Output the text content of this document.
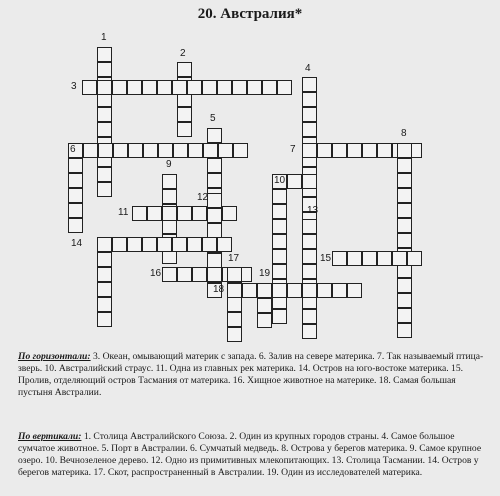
20. Австралия*
1
2
3
4
5
6	7
8
9
10
11
12
13
14
15
16
17
18
19
По горизонтали: 3. Океан, омывающий материк с запада. 6. Залив на севере материка. 7. Так называемый птица-зверь. 10. Австралийский страус. 11. Одна из главных рек материка. 14. Остров на юго-востоке материка. 15. Пролив, отделяющий остров Тасмания от материка. 16. Хищное животное на материке. 18. Самая большая пустыня Австралии.
По вертикали: 1. Столица Австралийского Союза. 2. Один из крупных городов страны. 4. Самое большое сумчатое животное. 5. Порт в Австралии. 6. Сумчатый медведь. 8. Острова у берегов материка. 9. Самое крупное озеро. 10. Вечнозеленое дерево. 12. Одно из примитивных млекопитающих. 13. Столица Тасмании. 14. Остров у берегов материка. 17. Скот, распространенный в Австралии. 19. Один из исследователей материка.
